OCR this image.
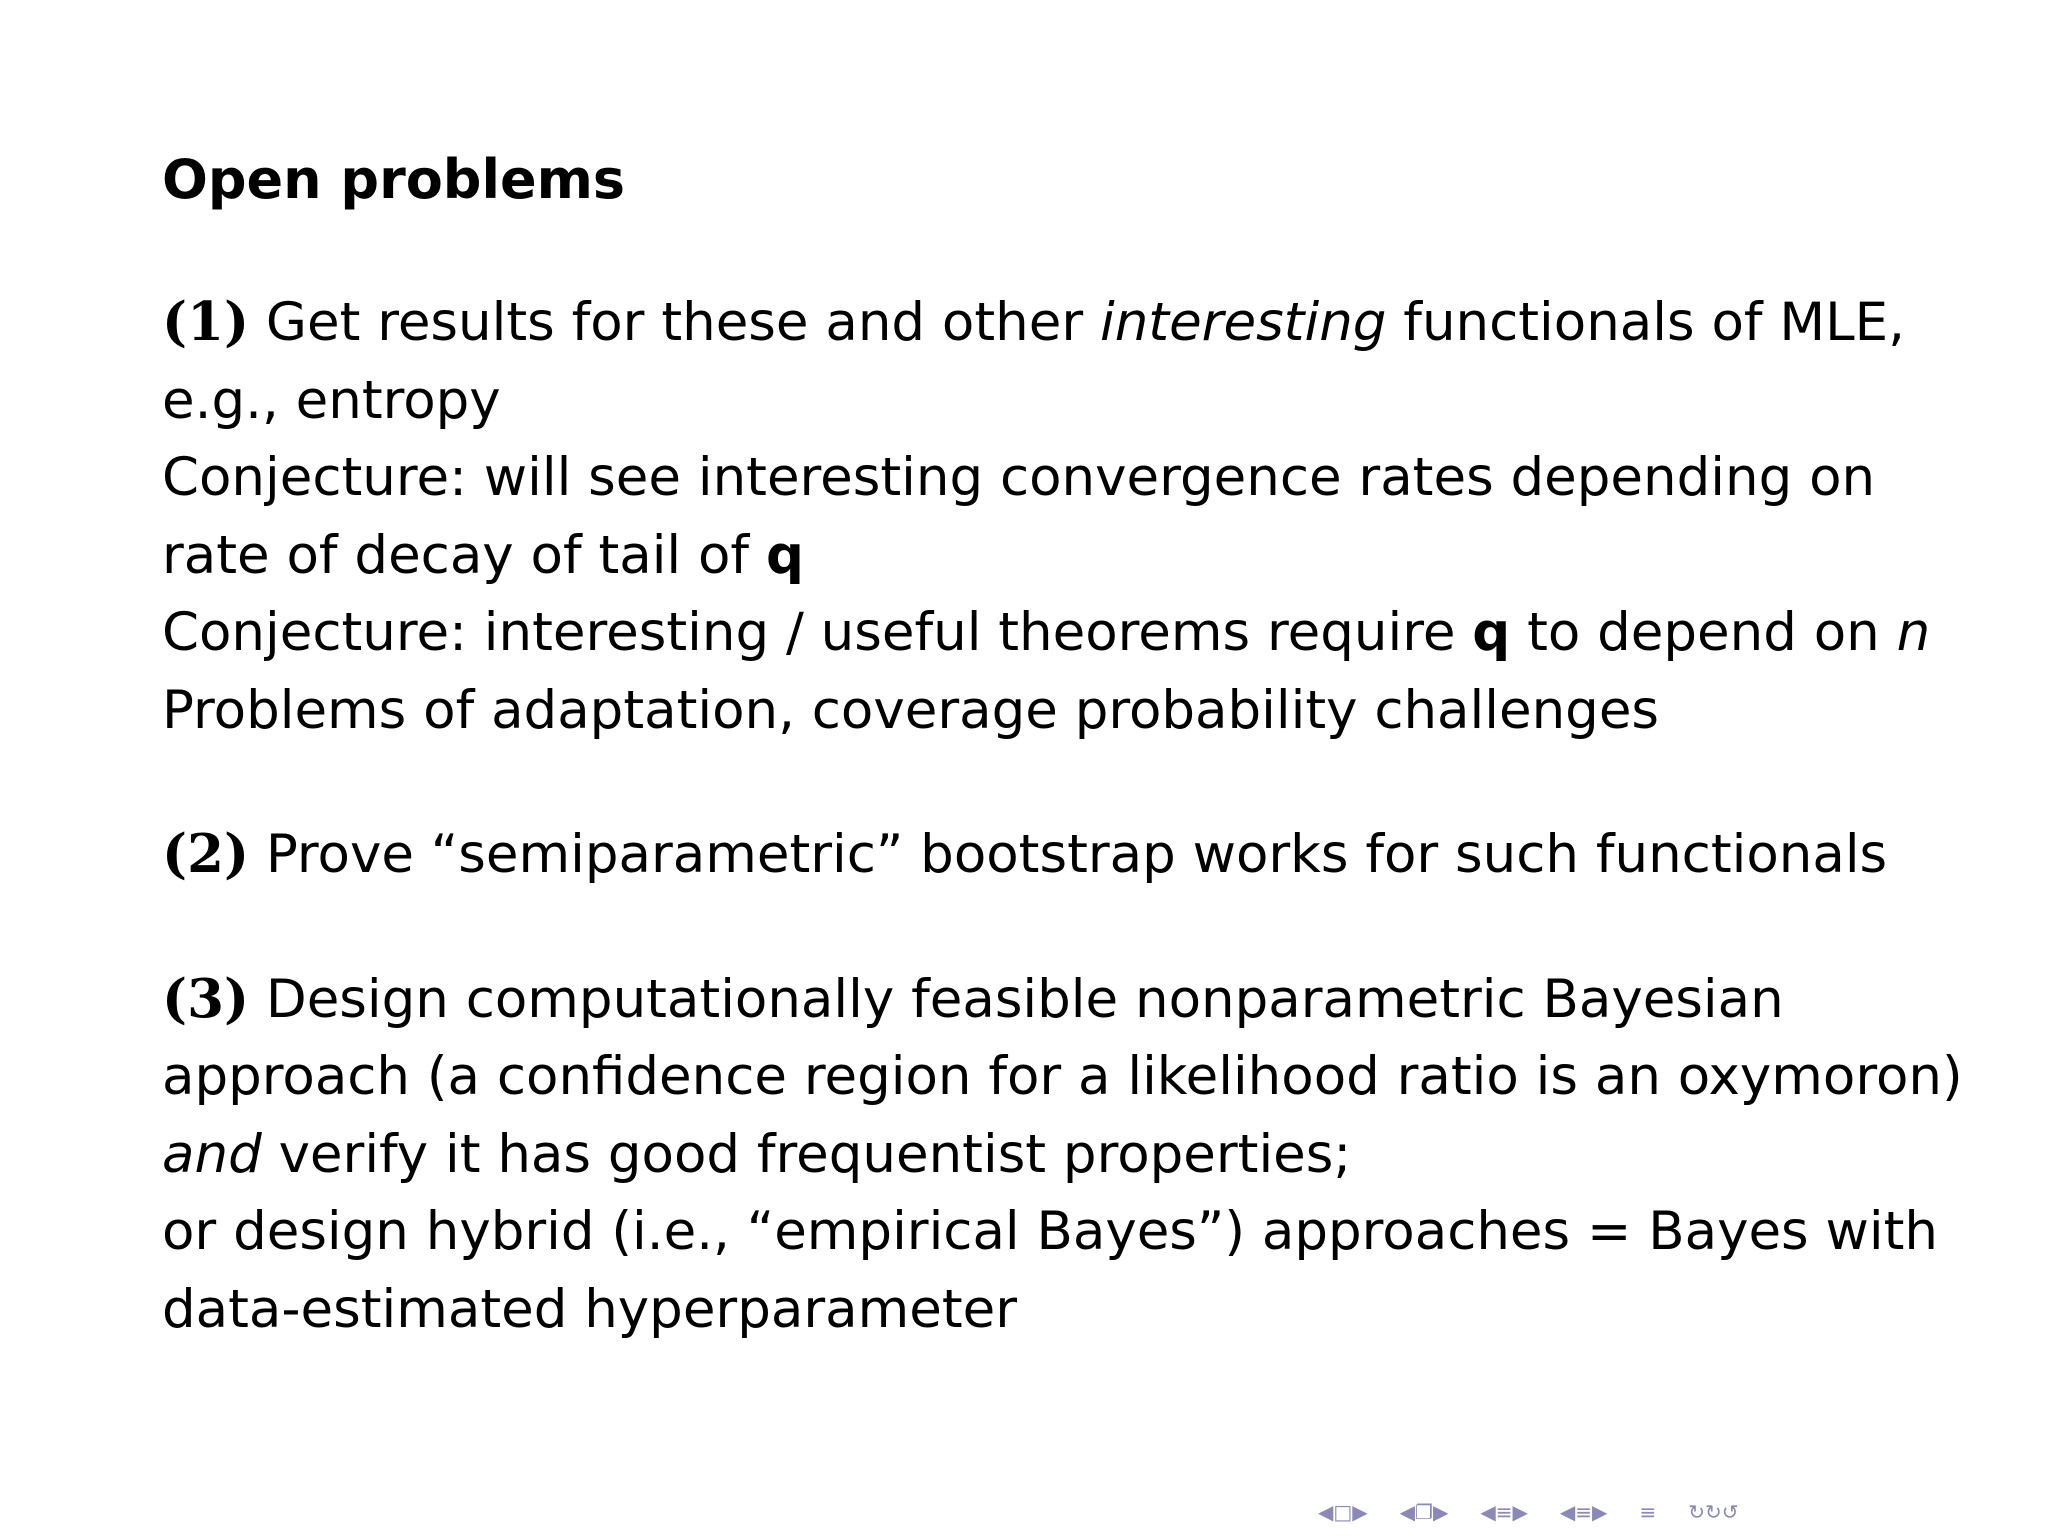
Open problems
(1) Get results for these and other interesting functionals of MLE,
e.g., entropy
Conjecture: will see interesting convergence rates depending on
rate of decay of tail of q
Conjecture: interesting / useful theorems require q to depend on n
Problems of adaptation, coverage probability challenges
(2) Prove “semiparametric” bootstrap works for such functionals
(3) Design computationally feasible nonparametric Bayesian
approach (a confidence region for a likelihood ratio is an oxymoron)
and verify it has good frequentist properties;
or design hybrid (i.e., “empirical Bayes”) approaches = Bayes with
data-estimated hyperparameter
◀□▶ ◀❐▶ ◀≡▶ ◀≡▶ ≡ ↻↻↺
